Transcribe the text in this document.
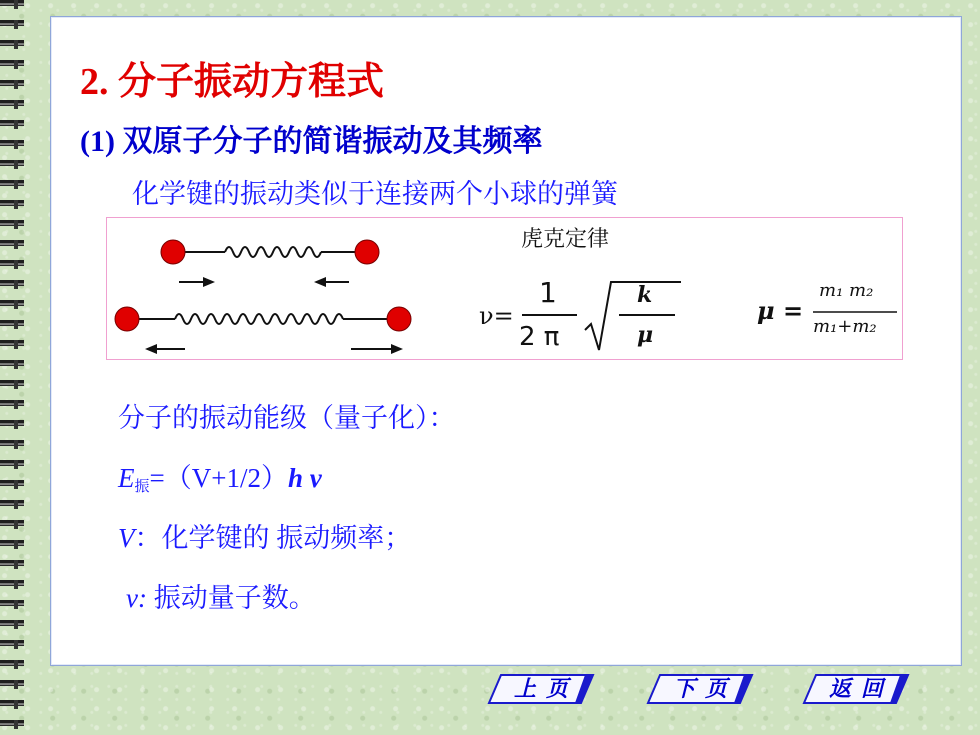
2. 分子振动方程式
(1) 双原子分子的简谐振动及其频率
化学键的振动类似于连接两个小球的弹簧
ν=
1
2 π
k
μ
μ =
m₁ m₂
m₁+m₂
虎克定律
分子的振动能级（量子化）：
$E_振=(V+1/2)h$ ν
V：化学键的 振动频率；
ν: 振动量子数。
上页	下页	返回
